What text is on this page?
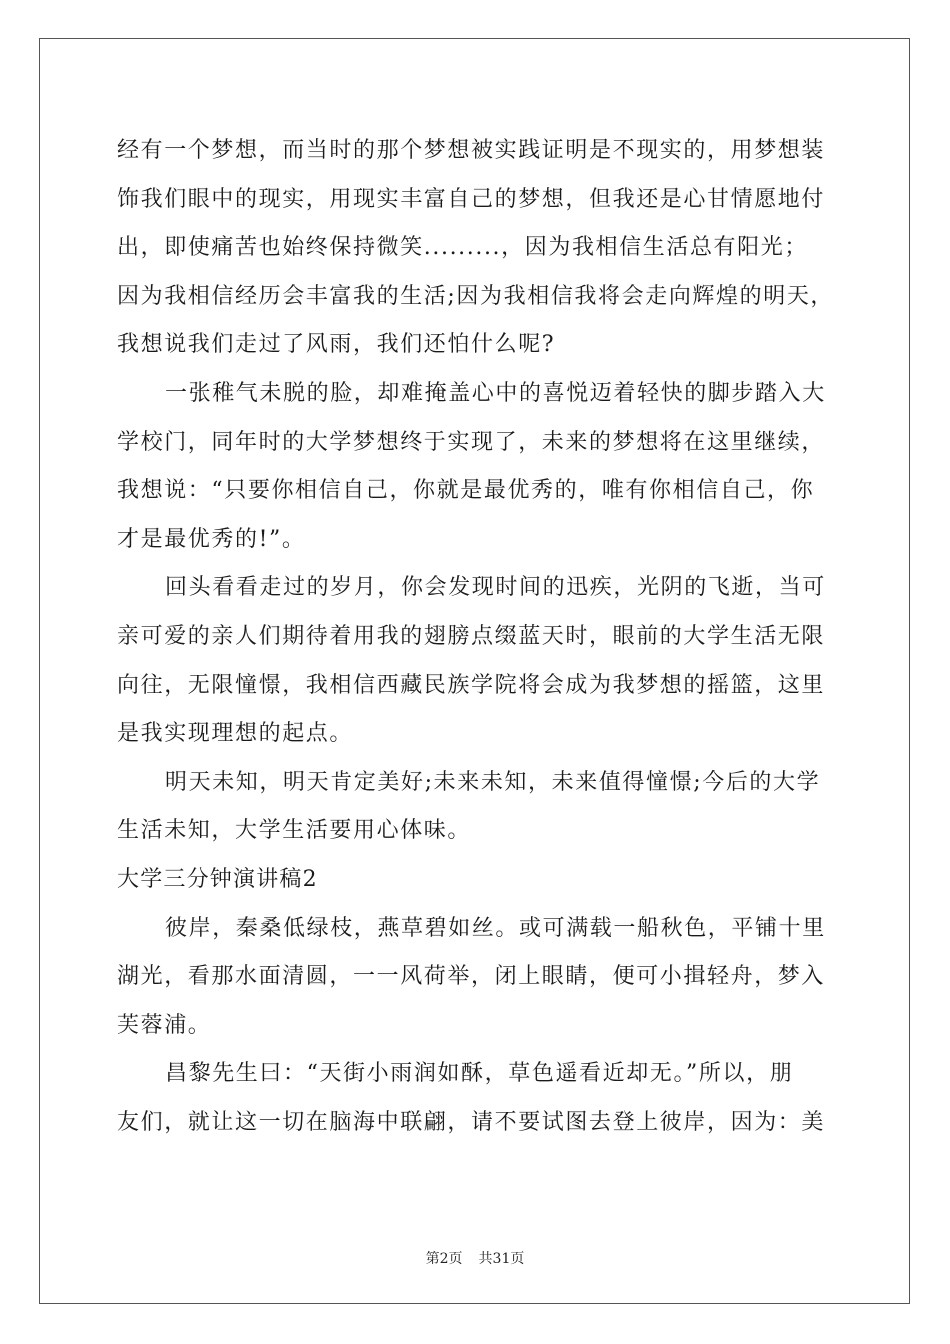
经有一个梦想，而当时的那个梦想被实践证明是不现实的，用梦想装
饰我们眼中的现实，用现实丰富自己的梦想，但我还是心甘情愿地付
出，即使痛苦也始终保持微笑.........，因为我相信生活总有阳光；
因为我相信经历会丰富我的生活;因为我相信我将会走向辉煌的明天，
我想说我们走过了风雨，我们还怕什么呢?
一张稚气未脱的脸，却难掩盖心中的喜悦迈着轻快的脚步踏入大
学校门，同年时的大学梦想终于实现了，未来的梦想将在这里继续，
我想说：“只要你相信自己，你就是最优秀的，唯有你相信自己，你
才是最优秀的!”。
回头看看走过的岁月，你会发现时间的迅疾，光阴的飞逝，当可
亲可爱的亲人们期待着用我的翅膀点缀蓝天时，眼前的大学生活无限
向往，无限憧憬，我相信西藏民族学院将会成为我梦想的摇篮，这里
是我实现理想的起点。
明天未知，明天肯定美好;未来未知，未来值得憧憬;今后的大学
生活未知，大学生活要用心体味。
大学三分钟演讲稿2
彼岸，秦桑低绿枝，燕草碧如丝。或可满载一船秋色，平铺十里
湖光，看那水面清圆，一一风荷举，闭上眼睛，便可小揖轻舟，梦入
芙蓉浦。
昌黎先生曰：“天街小雨润如酥，草色遥看近却无。”所以，朋
友们，就让这一切在脑海中联翩，请不要试图去登上彼岸，因为：美
第2页 共31页
